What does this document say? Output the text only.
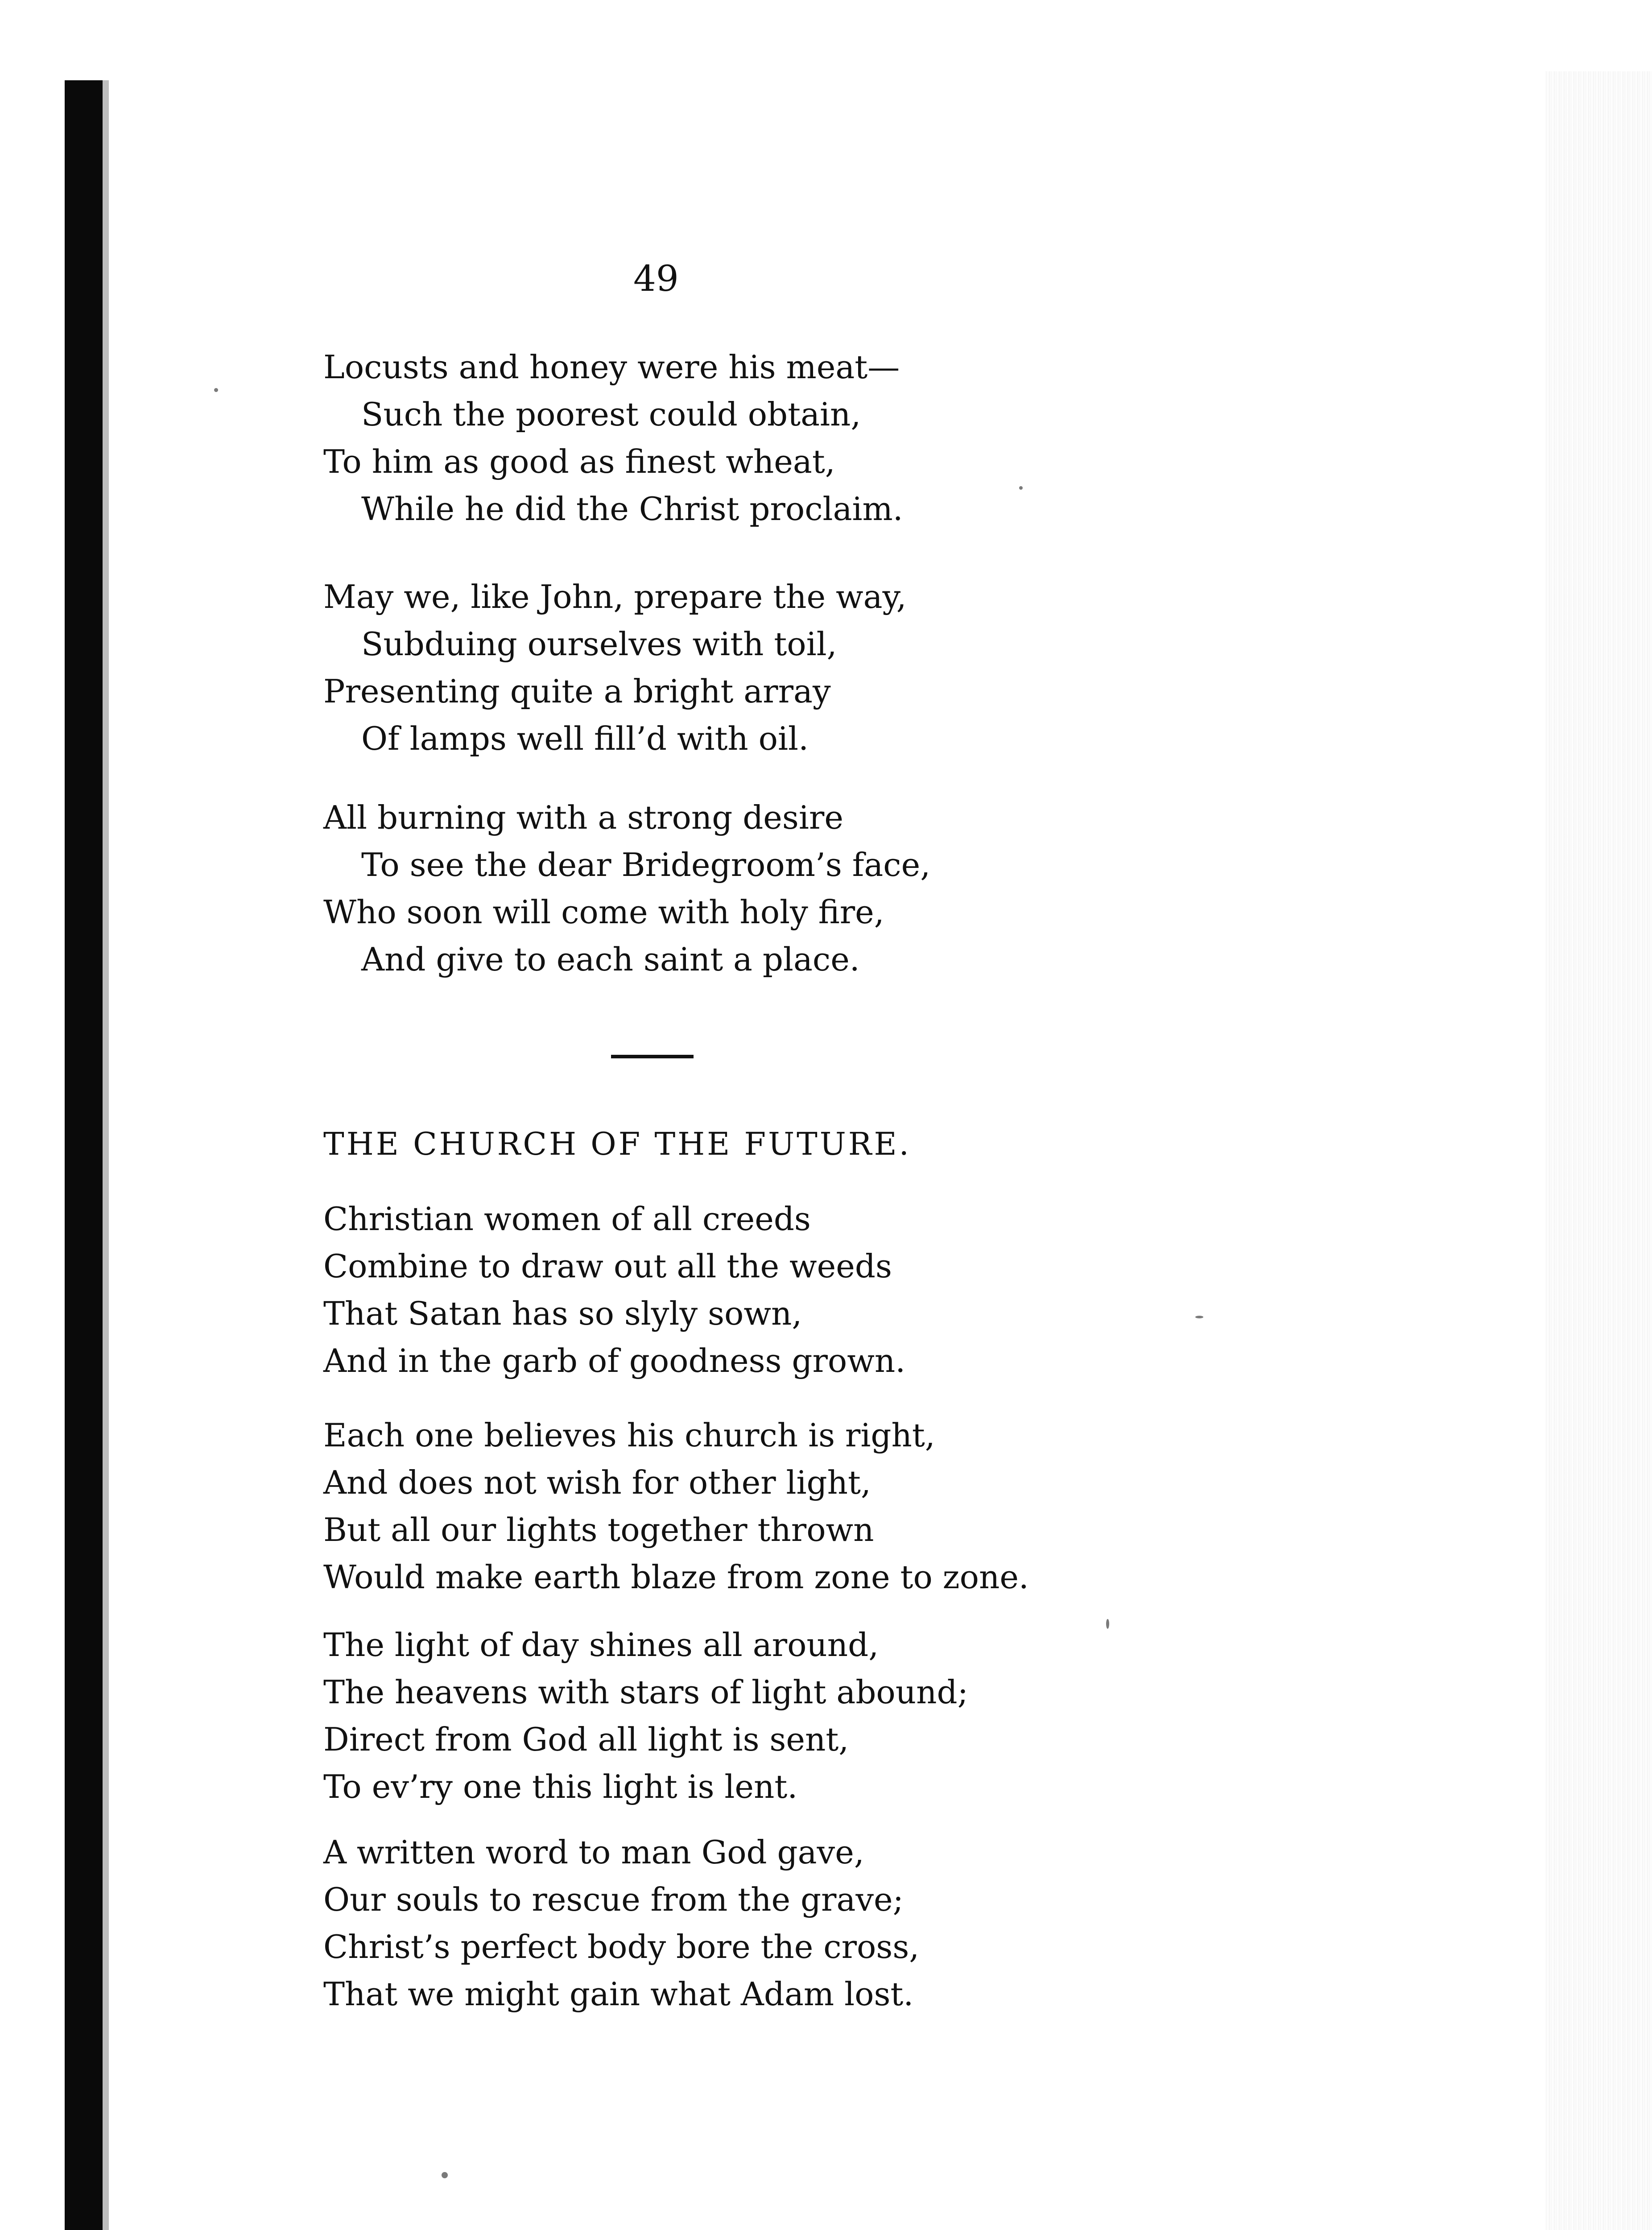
49
Locusts and honey were his meat—
Such the poorest could obtain,
To him as good as finest wheat,
While he did the Christ proclaim.
May we, like John, prepare the way,
Subduing ourselves with toil,
Presenting quite a bright array
Of lamps well fill’d with oil.
All burning with a strong desire
To see the dear Bridegroom’s face,
Who soon will come with holy fire,
And give to each saint a place.
THE CHURCH OF THE FUTURE.
Christian women of all creeds
Combine to draw out all the weeds
That Satan has so slyly sown,
And in the garb of goodness grown.
Each one believes his church is right,
And does not wish for other light,
But all our lights together thrown
Would make earth blaze from zone to zone.
The light of day shines all around,
The heavens with stars of light abound;
Direct from God all light is sent,
To ev’ry one this light is lent.
A written word to man God gave,
Our souls to rescue from the grave;
Christ’s perfect body bore the cross,
That we might gain what Adam lost.
